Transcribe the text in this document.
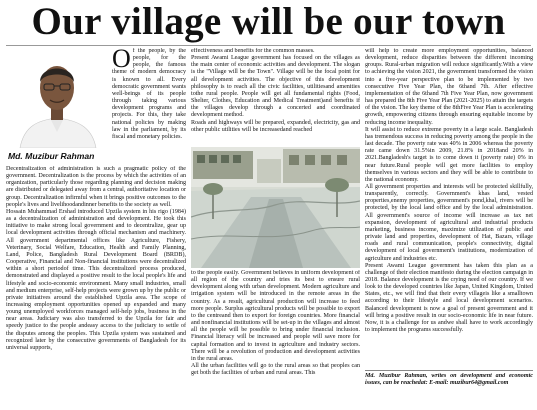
Our village will be our town
Of the people, by the people, for the people, the famous theme of modern democracy is known to all. Every democratic government wants well-beings of its people through taking various development programs and projects. For this, they take national policies by making law in the parliament, by its fiscal and monetary policies.
Md. Muzibur Rahman

Decentralization of administration is such a pragmatic policy of the government. Decentralization is the process by which the activities of an organization, particularly those regarding planning and decision making are distributed or delegated away from a central, authoritative location or group. Decentralization infirmful when it brings positive outcomes to the people's lives and livelihoodandinner benefits to the society as well.

Hossain Muhammad Ershad introduced Upzila system in his rigo (1984) as a decentralization of administration and development. He took this initiative to make strong local government and to decentralize, gear up local development activities through official mechanism and machinery. All government departmental offices like Agriculture, Fishery, Veterinary, Social Welfare, Education, Health and Family Planning, Land, Police, Bangladesh Rural Development Board (BRDB), Cooperative, Financial and Non-financial institutions were decentralized within a short periodof time. This decentralized process produced, demonstrated and displayed a positive result to the local people's life and lifestyle and socio-economic environment. Many small industries, small and medium enterprise, self-help projects were grown up by the public or private initiatives around the established Upzila area. The scope of increasing employment opportunities opened up expanded and many young unemployed workforces managed self-help jobs, business in the near areas. Judiciary was also transferred to the Upzila for fair and speedy justice to the people andeasy access to the judiciary to settle of the disputes among the peoples. This Upzila system was sustained and recognized later by the consecutive governments of Bangladesh for its universal supports,

effectiveness and benefits for the common masses.

Present Awami League government has focused on the villages as the main center of economic activities and development. The slogan is the "Village will be the Town". Village will be the focal point for all development activities. The objective of this development philosophy is to reach all the civic facilities, utilitiesand amenities tothe rural people. People will get all fundamental rights (Food, Shelter, Clothes, Education and Medical Treatment)and benefits if the villages develop through a concerted and coordinated development method.

Roads and highways will be prepared, expanded, electricity, gas and other public utilities will be increasedand reached

to the people easily. Government believes in uniform development of all region of the country and tries its best to ensure rural development along with urban development. Modern agriculture and irrigation system will be introduced in the remote areas in the country. As a result, agricultural production will increase to feed more people. Surplus agricultural products will be possible to export to the centreand then to export for foreign countries. More financial and nonfinancial institutions will be set-up in the villages and almost all the people will be possible to bring under financial inclusion. Financial literacy will be increased and people will save more for capital formation and to invest in agriculture and industry sectors. There will be a revolution of production and development activities in the rural areas.

All the urban facilities will go to the rural areas so that peoples can get both the facilities of urban and rural areas. This

will help to create more employment opportunities, balanced development, reduce disparities between the different incoming groups. Rural-urban migration will reduce significantly.With a view to achieving the vision 2021, the government transformed the vision into a five-year perspective plan to be implemented by two consecutive Five Year Plan, the 6thand 7th. After effective implementation of the 6thand 7th Five Year Plan, now government has prepared the 8th Five Year Plan (2021-2025) to attain the targets of the vision. The key theme of the 8thFive Year Plan is accelerating growth, empowering citizens through ensuring equitable income by reducing income inequality.

It will assist to reduce extreme poverty in a large scale. Bangladesh has tremendous success in reducing poverty among the people in the last decade. The poverty rate was 40% in 2006 whereas the poverty rate came down 31.5%in 2009, 21.8% in 2018and 20% in 2021.Bangladesh's target is to come down it (poverty rate) 0% in near future.Rural people will get more facilities to employ themselves in various sectors and they will be able to contribute to the national economy.

All government properties and interests will be protected skillfully, transparently, correctly. Government's khas land, vested properties,enemy properties, government's pond,khal, rivers will be protected, by the local land office and by the local administration. All government's source of income will increase as tax net expansion, development of agricultural and industrial products marketing, business income, maximize utilization of public and private land and properties, development of Hat, Bazars, village roads and rural communication, people's connectivity, digital development of local government's institutions, modernization of agriculture and industries etc.

Present Awami League government has taken this plan as a challenge of their election manifesto during the election campaign in 2018. Balance development is the crying need of our country. If we look to the developed countries like Japan, United Kingdom, United States, etc., we will find that their every villageis like a smalltown according to their lifestyle and local development scenarios. Balanced development is now a goal of present government and it will bring a positive result in our socio-economic life in near future. Now, it is a challenge for us andwe shall have to work accordingly to implement the programs successfully.

Md. Muzibur Rahman, writes on development and economic issues, can be reachedat: E-mail: muzibur64@gmail.com
